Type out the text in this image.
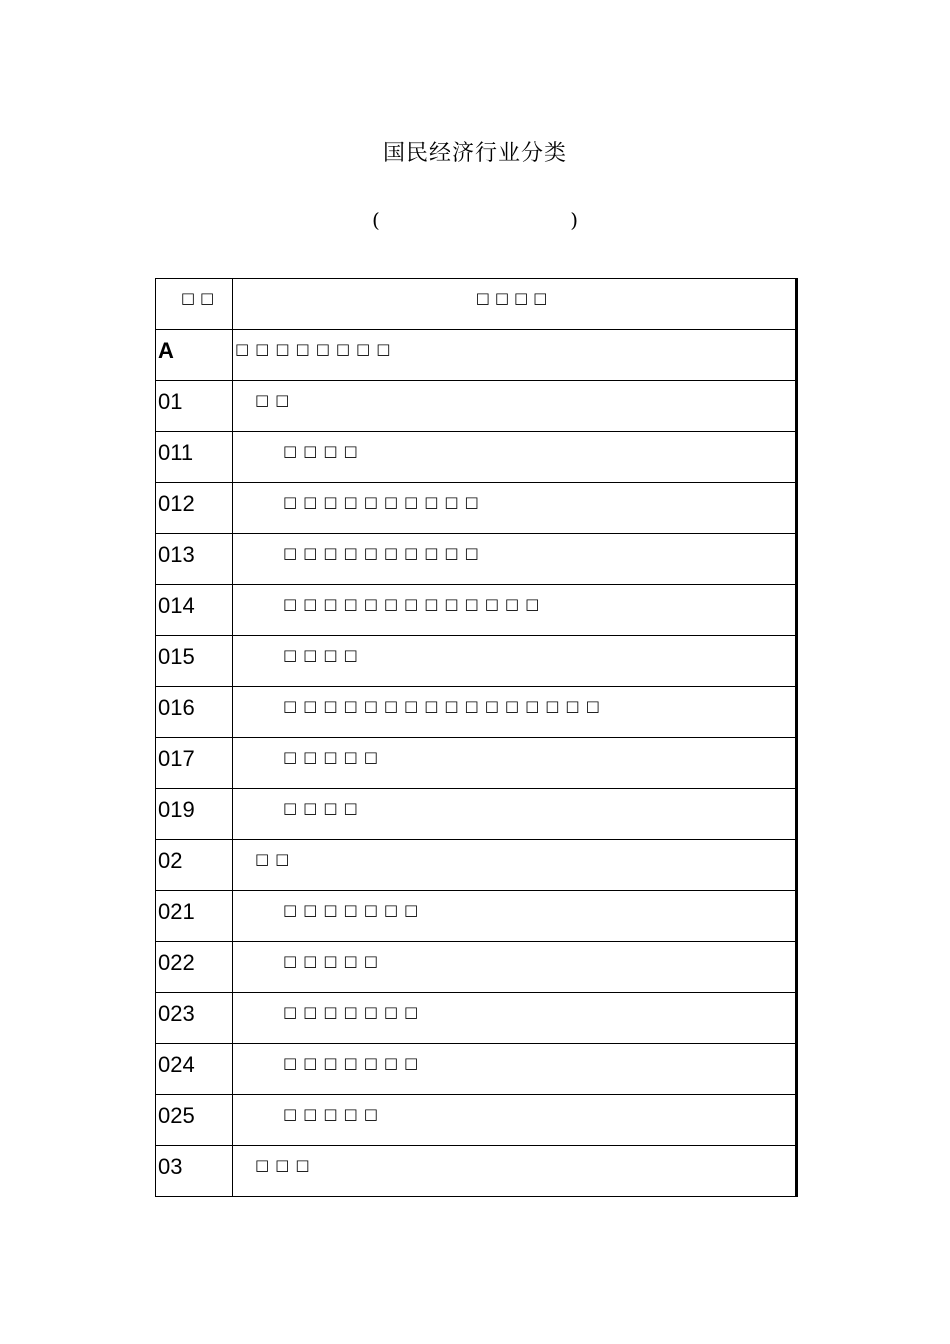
国民经济行业分类
(	)
□□	□□□□

A	□□□□□□□□

01	□□

011	□□□□

012	□□□□□□□□□□

013	□□□□□□□□□□

014	□□□□□□□□□□□□□

015	□□□□

016	□□□□□□□□□□□□□□□□

017	□□□□□

019	□□□□

02	□□

021	□□□□□□□

022	□□□□□

023	□□□□□□□

024	□□□□□□□

025	□□□□□

03	□□□
